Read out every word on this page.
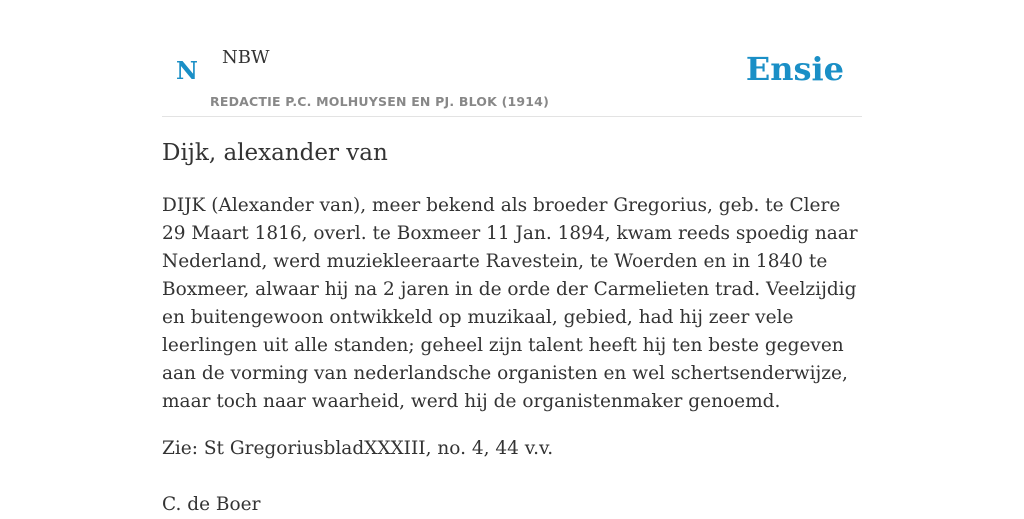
N NBW
REDACTIE P.C. MOLHUYSEN EN PJ. BLOK (1914)
Ensie
Dijk, alexander van

DIJK (Alexander van), meer bekend als broeder Gregorius, geb. te Clere 29 Maart 1816, overl. te Boxmeer 11 Jan. 1894, kwam reeds spoedig naar Nederland, werd muziekleeraarte Ravestein, te Woerden en in 1840 te Boxmeer, alwaar hij na 2 jaren in de orde der Carmelieten trad. Veelzijdig en buitengewoon ontwikkeld op muzikaal, gebied, had hij zeer vele leerlingen uit alle standen; geheel zijn talent heeft hij ten beste gegeven aan de vorming van nederlandsche organisten en wel schertsenderwijze, maar toch naar waarheid, werd hij de organistenmaker genoemd.

Zie: St GregoriusbladXXXIII, no. 4, 44 v.v.

C. de Boer
